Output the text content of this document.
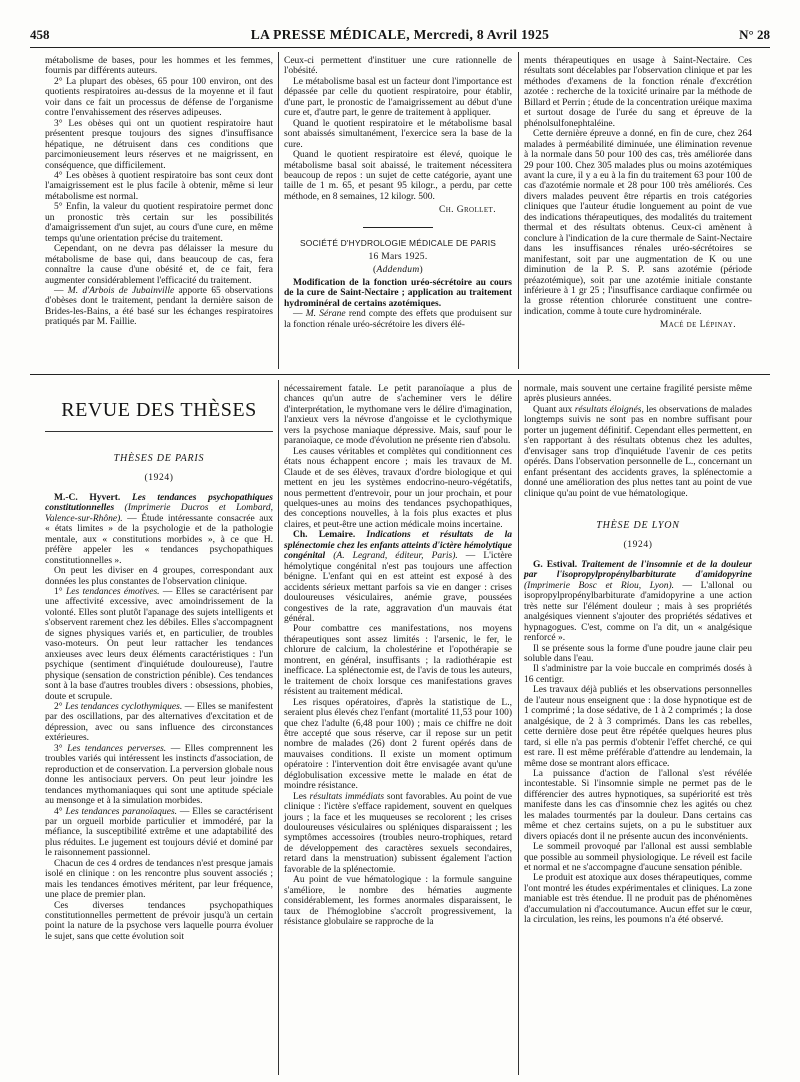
458	LA PRESSE MÉDICALE, Mercredi, 8 Avril 1925	N° 28

métabolisme de bases, pour les hommes et les femmes, fournis par différents auteurs.

2° La plupart des obèses, 65 pour 100 environ, ont des quotients respiratoires au-dessus de la moyenne et il faut voir dans ce fait un processus de défense de l'organisme contre l'envahissement des réserves adipeuses.

3° Les obèses qui ont un quotient respiratoire haut présentent presque toujours des signes d'insuffisance hépatique, ne détruisent dans ces conditions que parcimonieusement leurs réserves et ne maigrissent, en conséquence, que difficilement.

4° Les obèses à quotient respiratoire bas sont ceux dont l'amaigrissement est le plus facile à obtenir, même si leur métabolisme est normal.

5° Enfin, la valeur du quotient respiratoire permet donc un pronostic très certain sur les possibilités d'amaigrissement d'un sujet, au cours d'une cure, en même temps qu'une orientation précise du traitement.

Cependant, on ne devra pas délaisser la mesure du métabolisme de base qui, dans beaucoup de cas, fera connaître la cause d'une obésité et, de ce fait, fera augmenter considérablement l'efficacité du traitement.

— M. d'Arbois de Jubainville apporte 65 observations d'obèses dont le traitement, pendant la dernière saison de Brides-les-Bains, a été basé sur les échanges respiratoires pratiqués par M. Faillie.

Ceux-ci permettent d'instituer une cure rationnelle de l'obésité.

Le métabolisme basal est un facteur dont l'importance est dépassée par celle du quotient respiratoire, pour établir, d'une part, le pronostic de l'amaigrissement au début d'une cure et, d'autre part, le genre de traitement à appliquer.

Quand le quotient respiratoire et le métabolisme basal sont abaissés simultanément, l'exercice sera la base de la cure.

Quand le quotient respiratoire est élevé, quoique le métabolisme basal soit abaissé, le traitement nécessitera beaucoup de repos : un sujet de cette catégorie, ayant une taille de 1 m. 65, et pesant 95 kilogr., a perdu, par cette méthode, en 8 semaines, 12 kilogr. 500.

Ch. Grollet.

SOCIÉTÉ D'HYDROLOGIE MÉDICALE DE PARIS

16 Mars 1925.

(Addendum)

Modification de la fonction uréo-sécrétoire au cours de la cure de Saint-Nectaire ; application au traitement hydrominéral de certains azotémiques.

— M. Sérane rend compte des effets que produisent sur la fonction rénale uréo-sécrétoire les divers élé-

ments thérapeutiques en usage à Saint-Nectaire. Ces résultats sont décelables par l'observation clinique et par les méthodes d'examens de la fonction rénale d'excrétion azotée : recherche de la toxicité urinaire par la méthode de Billard et Perrin ; étude de la concentration uréique maxima et surtout dosage de l'urée du sang et épreuve de la phénolsulfonephtaléine.

Cette dernière épreuve a donné, en fin de cure, chez 264 malades à perméabilité diminuée, une élimination revenue à la normale dans 50 pour 100 des cas, très améliorée dans 29 pour 100. Chez 305 malades plus ou moins azotémiques avant la cure, il y a eu à la fin du traitement 63 pour 100 de cas d'azotémie normale et 28 pour 100 très améliorés. Ces divers malades peuvent être répartis en trois catégories cliniques que l'auteur étudie longuement au point de vue des indications thérapeutiques, des modalités du traitement thermal et des résultats obtenus. Ceux-ci amènent à conclure à l'indication de la cure thermale de Saint-Nectaire dans les insuffisances rénales uréo-sécrétoires se manifestant, soit par une augmentation de K ou une diminution de la P. S. P. sans azotémie (période préazotémique), soit par une azotémie initiale constante inférieure à 1 gr 25 ; l'insuffisance cardiaque confirmée ou la grosse rétention chlorurée constituent une contre-indication, comme à toute cure hydrominérale.

Macé de Lépinay.

REVUE DES THÈSES

THÈSES DE PARIS

(1924)

M.-C. Hyvert. Les tendances psychopathiques constitutionnelles (Imprimerie Ducros et Lombard, Valence-sur-Rhône). — Étude intéressante consacrée aux « états limites » de la psychologie et de la pathologie mentale, aux « constitutions morbides », à ce que H. préfère appeler les « tendances psychopathiques constitutionnelles ».

On peut les diviser en 4 groupes, correspondant aux données les plus constantes de l'observation clinique.

1° Les tendances émotives. — Elles se caractérisent par une affectivité excessive, avec amoindrissement de la volonté. Elles sont plutôt l'apanage des sujets intelligents et s'observent rarement chez les débiles. Elles s'accompagnent de signes physiques variés et, en particulier, de troubles vaso-moteurs. On peut leur rattacher les tendances anxieuses avec leurs deux éléments caractéristiques : l'un psychique (sentiment d'inquiétude douloureuse), l'autre physique (sensation de constriction pénible). Ces tendances sont à la base d'autres troubles divers : obsessions, phobies, doute et scrupule.

2° Les tendances cyclothymiques. — Elles se manifestent par des oscillations, par des alternatives d'excitation et de dépression, avec ou sans influence des circonstances extérieures.

3° Les tendances perverses. — Elles comprennent les troubles variés qui intéressent les instincts d'association, de reproduction et de conservation. La perversion globale nous donne les antisociaux pervers. On peut leur joindre les tendances mythomaniaques qui sont une aptitude spéciale au mensonge et à la simulation morbides.

4° Les tendances paranoïaques. — Elles se caractérisent par un orgueil morbide particulier et immodéré, par la méfiance, la susceptibilité extrême et une adaptabilité des plus réduites. Le jugement est toujours dévié et dominé par le raisonnement passionnel.

Chacun de ces 4 ordres de tendances n'est presque jamais isolé en clinique : on les rencontre plus souvent associés ; mais les tendances émotives méritent, par leur fréquence, une place de premier plan.

Ces diverses tendances psychopathiques constitutionnelles permettent de prévoir jusqu'à un certain point la nature de la psychose vers laquelle pourra évoluer le sujet, sans que cette évolution soit

nécessairement fatale. Le petit paranoïaque a plus de chances qu'un autre de s'acheminer vers le délire d'interprétation, le mythomane vers le délire d'imagination, l'anxieux vers la névrose d'angoisse et le cyclothymique vers la psychose maniaque dépressive. Mais, sauf pour le paranoïaque, ce mode d'évolution ne présente rien d'absolu.

Les causes véritables et complètes qui conditionnent ces états nous échappent encore ; mais les travaux de M. Claude et de ses élèves, travaux d'ordre biologique et qui mettent en jeu les systèmes endocrino-neuro-végétatifs, nous permettent d'entrevoir, pour un jour prochain, et pour quelques-unes au moins des tendances psychopathiques, des conceptions nouvelles, à la fois plus exactes et plus claires, et peut-être une action médicale moins incertaine.

Ch. Lemaire. Indications et résultats de la splénectomie chez les enfants atteints d'ictère hémolytique congénital (A. Legrand, éditeur, Paris). — L'ictère hémolytique congénital n'est pas toujours une affection bénigne. L'enfant qui en est atteint est exposé à des accidents sérieux mettant parfois sa vie en danger : crises douloureuses vésiculaires, anémie grave, poussées congestives de la rate, aggravation d'un mauvais état général.

Pour combattre ces manifestations, nos moyens thérapeutiques sont assez limités : l'arsenic, le fer, le chlorure de calcium, la cholestérine et l'opothérapie se montrent, en général, insuffisants ; la radiothérapie est inefficace. La splénectomie est, de l'avis de tous les auteurs, le traitement de choix lorsque ces manifestations graves résistent au traitement médical.

Les risques opératoires, d'après la statistique de L., seraient plus élevés chez l'enfant (mortalité 11,53 pour 100) que chez l'adulte (6,48 pour 100) ; mais ce chiffre ne doit être accepté que sous réserve, car il repose sur un petit nombre de malades (26) dont 2 furent opérés dans de mauvaises conditions. Il existe un moment optimum opératoire : l'intervention doit être envisagée avant qu'une déglobulisation excessive mette le malade en état de moindre résistance.

Les résultats immédiats sont favorables. Au point de vue clinique : l'ictère s'efface rapidement, souvent en quelques jours ; la face et les muqueuses se recolorent ; les crises douloureuses vésiculaires ou spléniques disparaissent ; les symptômes accessoires (troubles neuro-trophiques, retard de développement des caractères sexuels secondaires, retard dans la menstruation) subissent également l'action favorable de la splénectomie.

Au point de vue hématologique : la formule sanguine s'améliore, le nombre des hématies augmente considérablement, les formes anormales disparaissent, le taux de l'hémoglobine s'accroît progressivement, la résistance globulaire se rapproche de la

normale, mais souvent une certaine fragilité persiste même après plusieurs années.

Quant aux résultats éloignés, les observations de malades longtemps suivis ne sont pas en nombre suffisant pour porter un jugement définitif. Cependant elles permettent, en s'en rapportant à des résultats obtenus chez les adultes, d'envisager sans trop d'inquiétude l'avenir de ces petits opérés. Dans l'observation personnelle de L., concernant un enfant présentant des accidents graves, la splénectomie a donné une amélioration des plus nettes tant au point de vue clinique qu'au point de vue hématologique.

THÈSE DE LYON

(1924)

G. Estival. Traitement de l'insomnie et de la douleur par l'isopropylpropénylbarbiturate d'amidopyrine (Imprimerie Bosc et Riou, Lyon). — L'allonal ou isopropylpropénylbarbiturate d'amidopyrine a une action très nette sur l'élément douleur ; mais à ses propriétés analgésiques viennent s'ajouter des propriétés sédatives et hypnagogues. C'est, comme on l'a dit, un « analgésique renforcé ».

Il se présente sous la forme d'une poudre jaune clair peu soluble dans l'eau.

Il s'administre par la voie buccale en comprimés dosés à 16 centigr.

Les travaux déjà publiés et les observations personnelles de l'auteur nous enseignent que : la dose hypnotique est de 1 comprimé ; la dose sédative, de 1 à 2 comprimés ; la dose analgésique, de 2 à 3 comprimés. Dans les cas rebelles, cette dernière dose peut être répétée quelques heures plus tard, si elle n'a pas permis d'obtenir l'effet cherché, ce qui est rare. Il est même préférable d'attendre au lendemain, la même dose se montrant alors efficace.

La puissance d'action de l'allonal s'est révélée incontestable. Si l'insomnie simple ne permet pas de le différencier des autres hypnotiques, sa supériorité est très manifeste dans les cas d'insomnie chez les agités ou chez les malades tourmentés par la douleur. Dans certains cas même et chez certains sujets, on a pu le substituer aux divers opiacés dont il ne présente aucun des inconvénients.

Le sommeil provoqué par l'allonal est aussi semblable que possible au sommeil physiologique. Le réveil est facile et normal et ne s'accompagne d'aucune sensation pénible.

Le produit est atoxique aux doses thérapeutiques, comme l'ont montré les études expérimentales et cliniques. La zone maniable est très étendue. Il ne produit pas de phénomènes d'accumulation ni d'accoutumance. Aucun effet sur le cœur, la circulation, les reins, les poumons n'a été observé.
